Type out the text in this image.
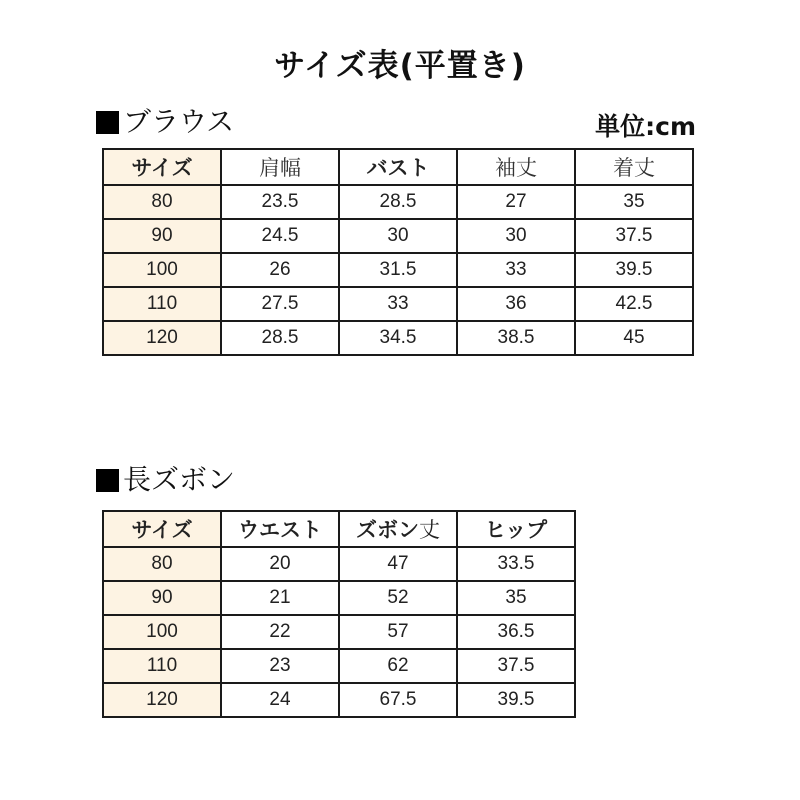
サイズ表(平置き)
ブラウス	単位:cm
サイズ	肩幅	バスト	袖丈	着丈
80	23.5	28.5	27	35
90	24.5	30	30	37.5
100	26	31.5	33	39.5
110	27.5	33	36	42.5
120	28.5	34.5	38.5	45
長ズボン
サイズ	ウエスト	ズボン丈	ヒップ
80	20	47	33.5
90	21	52	35
100	22	57	36.5
110	23	62	37.5
120	24	67.5	39.5
